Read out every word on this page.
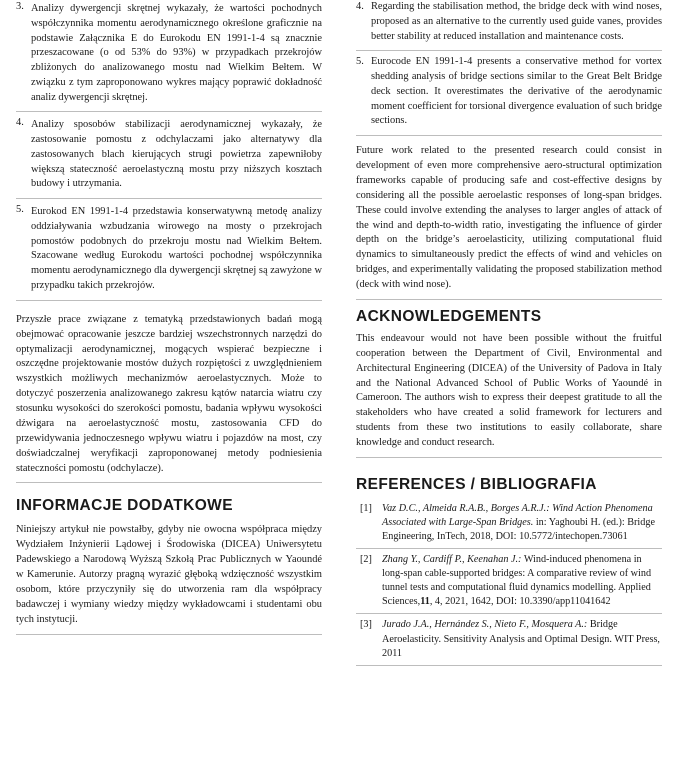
3. Analizy dywergencji skrętnej wykazały, że wartości pochodnych współczynnika momentu aerodynamicznego określone graficznie na podstawie Załącznika E do Eurokodu EN 1991-1-4 są znacznie przeszacowane (o od 53% do 93%) w przypadkach przekrojów zbliżonych do analizowanego mostu nad Wielkim Bełtem. W związku z tym zaproponowano wykres mający poprawić dokładność analiz dywergencji skrętnej.
4. Analizy sposobów stabilizacji aerodynamicznej wykazały, że zastosowanie pomostu z odchylaczami jako alternatywy dla zastosowanych blach kierujących strugi powietrza zapewniłoby większą stateczność aeroelastyczną mostu przy niższych kosztach budowy i utrzymania.
5. Eurokod EN 1991-1-4 przedstawia konserwatywną metodę analizy oddziaływania wzbudzania wirowego na mosty o przekrojach pomostów podobnych do przekroju mostu nad Wielkim Bełtem. Szacowane według Eurokodu wartości pochodnej współczynnika momentu aerodynamicznego dla dywergencji skrętnej są zawyżone w przypadku takich przekrojów.

Przyszłe prace związane z tematyką przedstawionych badań mogą obejmować opracowanie jeszcze bardziej wszechstronnych narzędzi do optymalizacji aerodynamicznej, mogących wspierać bezpieczne i oszczędne projektowanie mostów dużych rozpiętości z uwzględnieniem wszystkich możliwych mechanizmów aeroelastycznych. Może to dotyczyć poszerzenia analizowanego zakresu kątów natarcia wiatru czy stosunku wysokości do szerokości pomostu, badania wpływu wysokości dźwigara na aeroelastyczność mostu, zastosowania CFD do przewidywania jednoczesnego wpływu wiatru i pojazdów na most, czy doświadczalnej weryfikacji zaproponowanej metody podniesienia stateczności pomostu (odchylacze).

INFORMACJE DODATKOWE

Niniejszy artykuł nie powstałby, gdyby nie owocna współpraca między Wydziałem Inżynierii Lądowej i Środowiska (DICEA) Uniwersytetu Padewskiego a Narodową Wyższą Szkołą Prac Publicznych w Yaoundé w Kamerunie. Autorzy pragną wyrazić głęboką wdzięczność wszystkim osobom, które przyczyniły się do utworzenia ram dla współpracy badawczej i wymiany wiedzy między wykładowcami i studentami obu tych instytucji.

4. Regarding the stabilisation method, the bridge deck with wind noses, proposed as an alternative to the currently used guide vanes, provides better stability at reduced installation and maintenance costs.
5. Eurocode EN 1991-1-4 presents a conservative method for vortex shedding analysis of bridge sections similar to the Great Belt Bridge deck section. It overestimates the derivative of the aerodynamic moment coefficient for torsional divergence evaluation of such bridge sections.

Future work related to the presented research could consist in development of even more comprehensive aero-structural optimization frameworks capable of producing safe and cost-effective designs by considering all the possible aeroelastic responses of long-span bridges. These could involve extending the analyses to larger angles of attack of the wind and depth-to-width ratio, investigating the influence of girder depth on the bridge’s aeroelasticity, utilizing computational fluid dynamics to simultaneously predict the effects of wind and vehicles on bridges, and experimentally validating the proposed stabilization method (deck with wind nose).

ACKNOWLEDGEMENTS

This endeavour would not have been possible without the fruitful cooperation between the Department of Civil, Environmental and Architectural Engineering (DICEA) of the University of Padova in Italy and the National Advanced School of Public Works of Yaoundé in Cameroon. The authors wish to express their deepest gratitude to all the stakeholders who have created a solid framework for lecturers and students from these two institutions to easily collaborate, share knowledge and conduct research.

REFERENCES / BIBLIOGRAFIA
[1] Vaz D.C., Almeida R.A.B., Borges A.R.J.: Wind Action Phenomena Associated with Large-Span Bridges. in: Yaghoubi H. (ed.): Bridge Engineering, InTech, 2018, DOI: 10.5772/intechopen.73061
[2] Zhang Y., Cardiff P., Keenahan J.: Wind-induced phenomena in long-span cable-supported bridges: A comparative review of wind tunnel tests and computational fluid dynamics modelling. Applied Sciences,11, 4, 2021, 1642, DOI: 10.3390/app11041642
[3] Jurado J.A., Hernández S., Nieto F., Mosquera A.: Bridge Aeroelasticity. Sensitivity Analysis and Optimal Design. WIT Press, 2011
